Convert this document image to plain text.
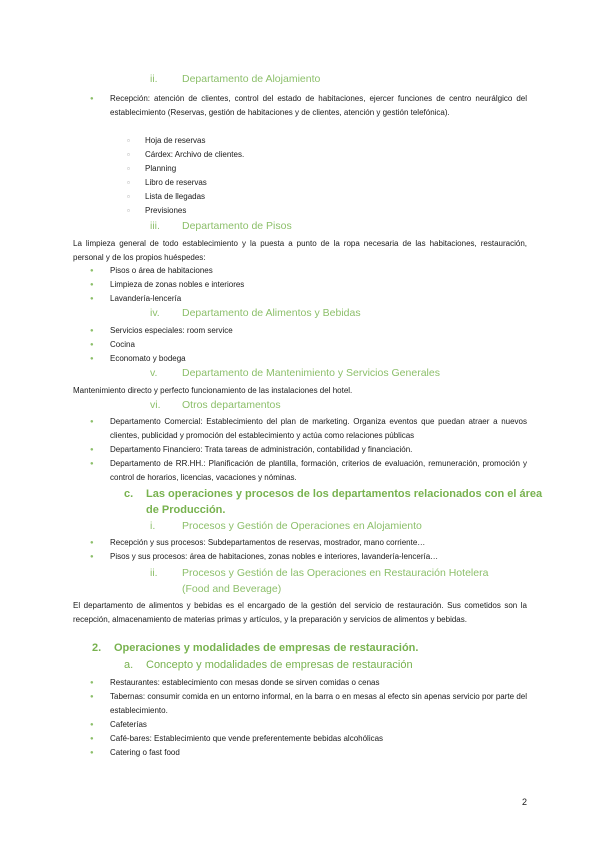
ii. Departamento de Alojamiento
● Recepción: atención de clientes, control del estado de habitaciones, ejercer funciones de centro neurálgico del establecimiento (Reservas, gestión de habitaciones y de clientes, atención y gestión telefónica).
▫ Hoja de reservas
▫ Cárdex: Archivo de clientes.
▫ Planning
▫ Libro de reservas
▫ Lista de llegadas
▫ Previsiones
iii. Departamento de Pisos
La limpieza general de todo establecimiento y la puesta a punto de la ropa necesaria de las habitaciones, restauración, personal y de los propios huéspedes:
● Pisos o área de habitaciones
● Limpieza de zonas nobles e interiores
● Lavandería-lencería
iv. Departamento de Alimentos y Bebidas
● Servicios especiales: room service
● Cocina
● Economato y bodega
v. Departamento de Mantenimiento y Servicios Generales
Mantenimiento directo y perfecto funcionamiento de las instalaciones del hotel.
vi. Otros departamentos
● Departamento Comercial: Establecimiento del plan de marketing. Organiza eventos que puedan atraer a nuevos clientes, publicidad y promoción del establecimiento y actúa como relaciones públicas
● Departamento Financiero: Trata tareas de administración, contabilidad y financiación.
● Departamento de RR.HH.: Planificación de plantilla, formación, criterios de evaluación, remuneración, promoción y control de horarios, licencias, vacaciones y nóminas.
c. Las operaciones y procesos de los departamentos relacionados con el área
de Producción.
i.	Procesos y Gestión de Operaciones en Alojamiento
● Recepción y sus procesos: Subdepartamentos de reservas, mostrador, mano corriente…
● Pisos y sus procesos: área de habitaciones, zonas nobles e interiores, lavandería-lencería…
ii. Procesos y Gestión de las Operaciones en Restauración Hotelera
(Food and Beverage)
El departamento de alimentos y bebidas es el encargado de la gestión del servicio de restauración. Sus cometidos son la recepción, almacenamiento de materias primas y artículos, y la preparación y servicios de alimentos y bebidas.
2. Operaciones y modalidades de empresas de restauración.
a. Concepto y modalidades de empresas de restauración
● Restaurantes: establecimiento con mesas donde se sirven comidas o cenas
● Tabernas: consumir comida en un entorno informal, en la barra o en mesas al efecto sin apenas servicio por parte del establecimiento.
● Cafeterías
● Café-bares: Establecimiento que vende preferentemente bebidas alcohólicas
● Catering o fast food
2
